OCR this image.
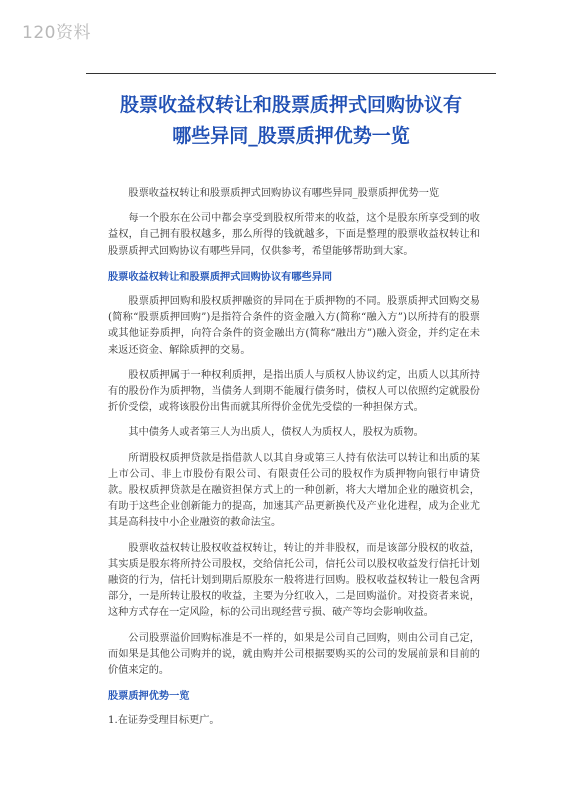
120资料
股票收益权转让和股票质押式回购协议有
哪些异同_股票质押优势一览

股票收益权转让和股票质押式回购协议有哪些异同_股票质押优势一览

每一个股东在公司中都会享受到股权所带来的收益，这个是股东所享受到的收益权，自己拥有股权越多，那么所得的钱就越多，下面是整理的股票收益权转让和股票质押式回购协议有哪些异同，仅供参考，希望能够帮助到大家。

股票收益权转让和股票质押式回购协议有哪些异同

股票质押回购和股权质押融资的异同在于质押物的不同。股票质押式回购交易(简称“股票质押回购”)是指符合条件的资金融入方(简称“融入方”)以所持有的股票或其他证券质押，向符合条件的资金融出方(简称“融出方”)融入资金，并约定在未来返还资金、解除质押的交易。

股权质押属于一种权利质押，是指出质人与质权人协议约定，出质人以其所持有的股份作为质押物，当债务人到期不能履行债务时，债权人可以依照约定就股份折价受偿，或将该股份出售而就其所得价金优先受偿的一种担保方式。

其中债务人或者第三人为出质人，债权人为质权人，股权为质物。

所谓股权质押贷款是指借款人以其自身或第三人持有依法可以转让和出质的某上市公司、非上市股份有限公司、有限责任公司的股权作为质押物向银行申请贷款。股权质押贷款是在融资担保方式上的一种创新，将大大增加企业的融资机会，有助于这些企业创新能力的提高，加速其产品更新换代及产业化进程，成为企业尤其是高科技中小企业融资的救命法宝。

股票收益权转让股权收益权转让，转让的并非股权，而是该部分股权的收益，其实质是股东将所持公司股权，交给信托公司，信托公司以股权收益发行信托计划融资的行为，信托计划到期后原股东一般将进行回购。股权收益权转让一般包含两部分，一是所转让股权的收益，主要为分红收入，二是回购溢价。对投资者来说，这种方式存在一定风险，标的公司出现经营亏损、破产等均会影响收益。

公司股票溢价回购标准是不一样的，如果是公司自己回购，则由公司自己定，而如果是其他公司购并的说，就由购并公司根据要购买的公司的发展前景和目前的价值来定的。

股票质押优势一览

1.在证券受理目标更广。
